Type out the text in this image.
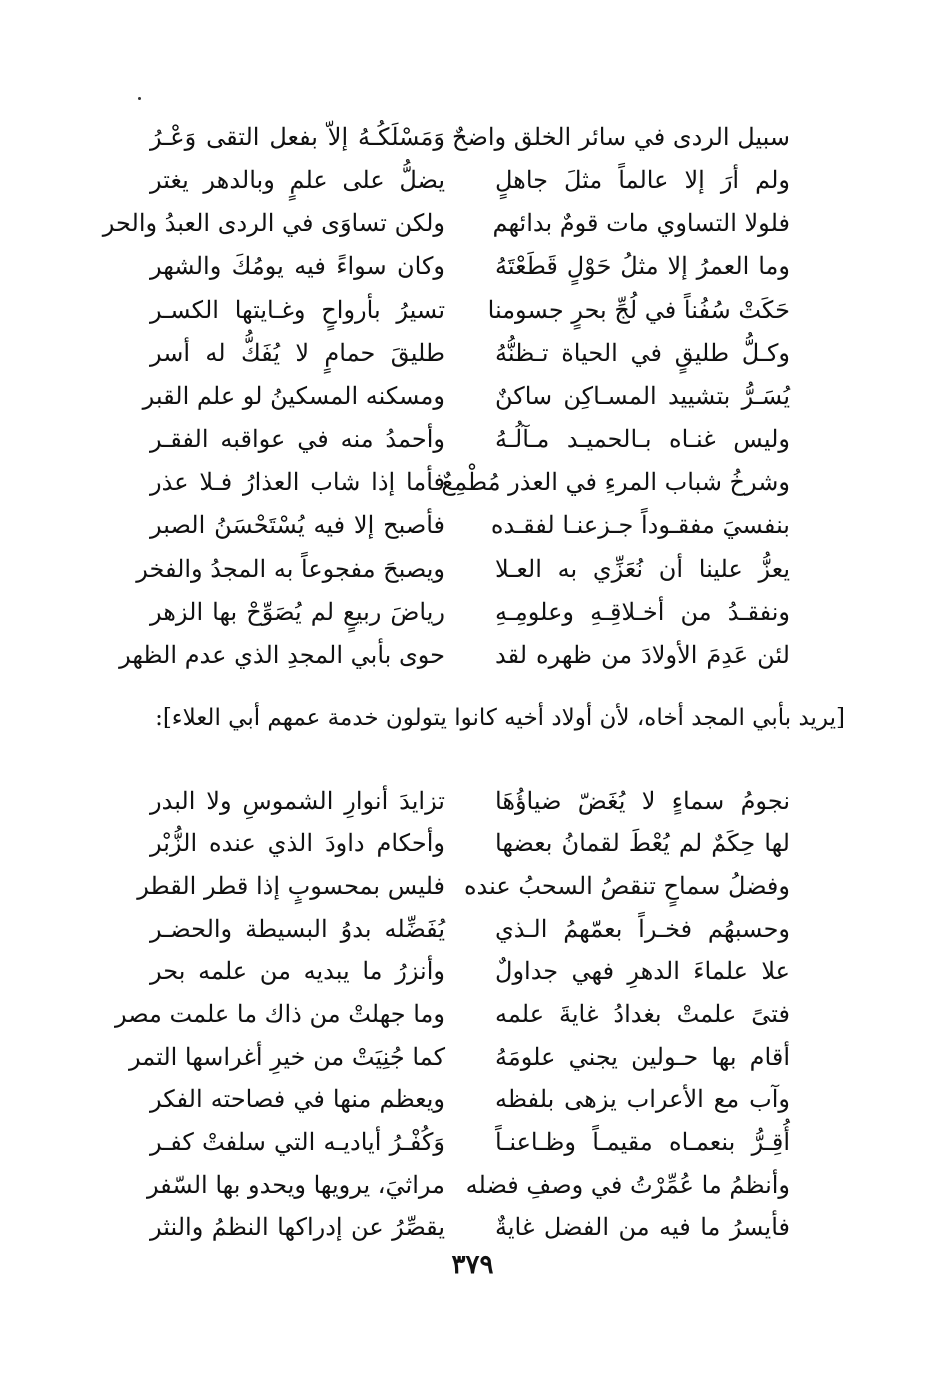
سبيل الردى في سائر الخلق واضحٌ
وَمَسْلَكُـهُ إلاّ بفعل التقى وَعْـرُ
ولم أرَ إلا عالماً مثلَ جاهلٍ
يضلُّ على علمٍ وبالدهر يغتر
فلولا التساوي مات قومٌ بدائهم
ولكن تساوَى في الردى العبدُ والحر
وما العمرُ إلا مثلُ حَوْلٍ قَطَعْتَهُ
وكان سواءً فيه يومُكَ والشهر
حَكَتْ سُفُناً في لُجِّ بحرٍ جسومنا
تسيرُ بأرواحٍ وغـايتها الكسـر
وكـلُّ طليقٍ في الحياة تـظنُّهُ
طليقَ حمامٍ لا يُفَكُّ له أسر
يُسَـرُّ بتشييد المسـاكِن ساكنٌ
ومسكنه المسكينُ لو علم القبر
وليس غنـاه بـالحميـد مـآلُـهُ
وأحمدُ منه في عواقبه الفقـر
وشرخُ شباب المرءِ في العذر مُطْمِعٌ
فأما إذا شاب العذارُ فـلا عذر
بنفسيَ مفقـوداً جـزعنـا لفقـده
فأصبح إلا فيه يُسْتَحْسَنُ الصبر
يعزُّ علينا أن نُعَزِّي به العـلا
ويصبحَ مفجوعاً به المجدُ والفخر
ونفقـدُ من أخـلاقِـهِ وعلومِـهِ
رياضَ ربيعٍ لم يُصَوِّحْ بها الزهر
لئن عَدِمَ الأولادَ من ظهره لقد
حوى بأبي المجدِ الذي عدم الظهر
[يريد بأبي المجد أخاه، لأن أولاد أخيه كانوا يتولون خدمة عمهم أبي العلاء]:
نجومُ سماءٍ لا يُغَضّ ضياؤُهَا
تزايدَ أنوارِ الشموسِ ولا البدر
لها حِكَمٌ لم يُعْطَ لقمانُ بعضها
وأحكام داودَ الذي عنده الزُّبْر
وفضلُ سماحٍ تنقصُ السحبُ عنده
فليس بمحسوبٍ إذا قطر القطر
وحسبهُم فخـراً بعمّهمُ الـذي
يُفَضِّله بدوُ البسيطة والحضـر
علا علماءَ الدهرِ فهي جداولٌ
وأنزرُ ما يبديه من علمه بحر
فتىً علمتْ بغدادُ غايةَ علمه
وما جهلتْ من ذاك ما علمت مصر
أقام بها حـولين يجني علومَهُ
كما جُنِيَتْ من خيرِ أغراسها التمر
وآب مع الأعراب يزهى بلفظه
ويعظم منها في فصاحته الفكر
أُقِـرُّ بنعمـاه مقيمـاً وظـاعنـاً
وَكُفْـرُ أياديـه التي سلفتْ كفـر
وأنظمُ ما عُمِّرْتُ في وصفِ فضله
مراثيَ، يرويها ويحدو بها السّفر
فأيسرُ ما فيه من الفضل غايةٌ
يقصِّرُ عن إدراكها النظمُ والنثر
٣٧٩
